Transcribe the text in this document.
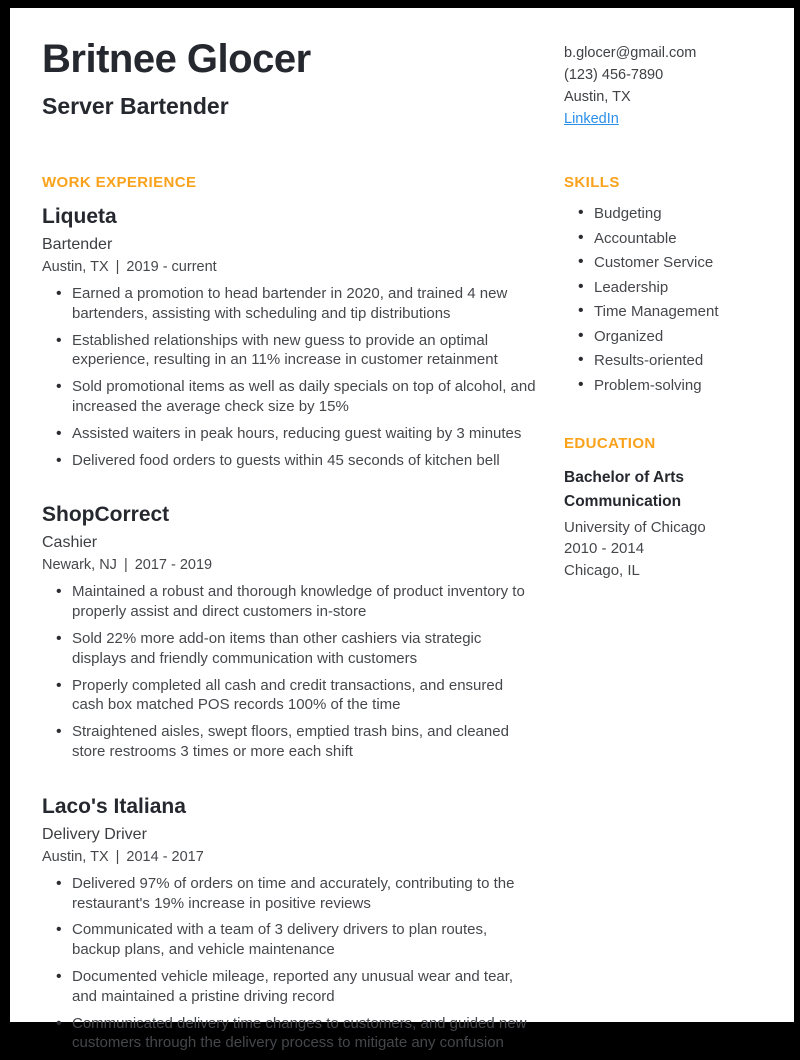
Britnee Glocer
Server Bartender
b.glocer@gmail.com
(123) 456-7890
Austin, TX
LinkedIn
WORK EXPERIENCE
Liqueta
Bartender
Austin, TX | 2019 - current
• Earned a promotion to head bartender in 2020, and trained 4 new bartenders, assisting with scheduling and tip distributions
• Established relationships with new guess to provide an optimal experience, resulting in an 11% increase in customer retainment
• Sold promotional items as well as daily specials on top of alcohol, and increased the average check size by 15%
• Assisted waiters in peak hours, reducing guest waiting by 3 minutes
• Delivered food orders to guests within 45 seconds of kitchen bell
ShopCorrect
Cashier
Newark, NJ | 2017 - 2019
• Maintained a robust and thorough knowledge of product inventory to properly assist and direct customers in-store
• Sold 22% more add-on items than other cashiers via strategic displays and friendly communication with customers
• Properly completed all cash and credit transactions, and ensured cash box matched POS records 100% of the time
• Straightened aisles, swept floors, emptied trash bins, and cleaned store restrooms 3 times or more each shift
Laco's Italiana
Delivery Driver
Austin, TX | 2014 - 2017
• Delivered 97% of orders on time and accurately, contributing to the restaurant's 19% increase in positive reviews
• Communicated with a team of 3 delivery drivers to plan routes, backup plans, and vehicle maintenance
• Documented vehicle mileage, reported any unusual wear and tear, and maintained a pristine driving record
• Communicated delivery time changes to customers, and guided new customers through the delivery process to mitigate any confusion
SKILLS
• Budgeting
• Accountable
• Customer Service
• Leadership
• Time Management
• Organized
• Results-oriented
• Problem-solving
EDUCATION
Bachelor of Arts
Communication
University of Chicago
2010 - 2014
Chicago, IL
